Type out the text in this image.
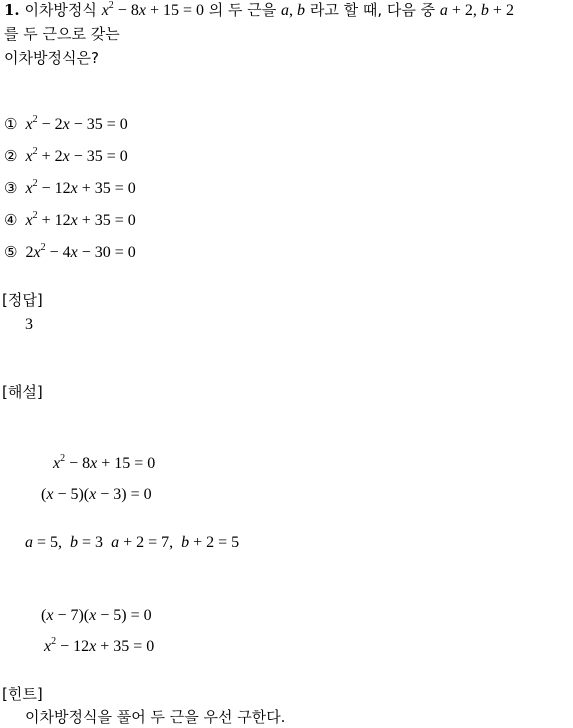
1. 이차방정식 $x^2 - 8x + 15 = 0$ 의 두 근을 a, b 라고 할 때, 다음 중 a + 2, b + 2
를 두 근으로 갖는
이차방정식은?
① $x^2 - 2x - 35 = 0$
② $x^2 + 2x - 35 = 0$
③ $x^2 - 12x + 35 = 0$
④ $x^2 + 12x + 35 = 0$
⑤ $2x^2 - 4x - 30 = 0$
[정답]
3
[해설]
$x^2 - 8x + 15 = 0$
(x − 5)(x − 3) = 0
a = 5,  b = 3  a + 2 = 7,  b + 2 = 5
(x − 7)(x − 5) = 0
$x^2 - 12x + 35 = 0$
[힌트]
이차방정식을 풀어 두 근을 우선 구한다.
